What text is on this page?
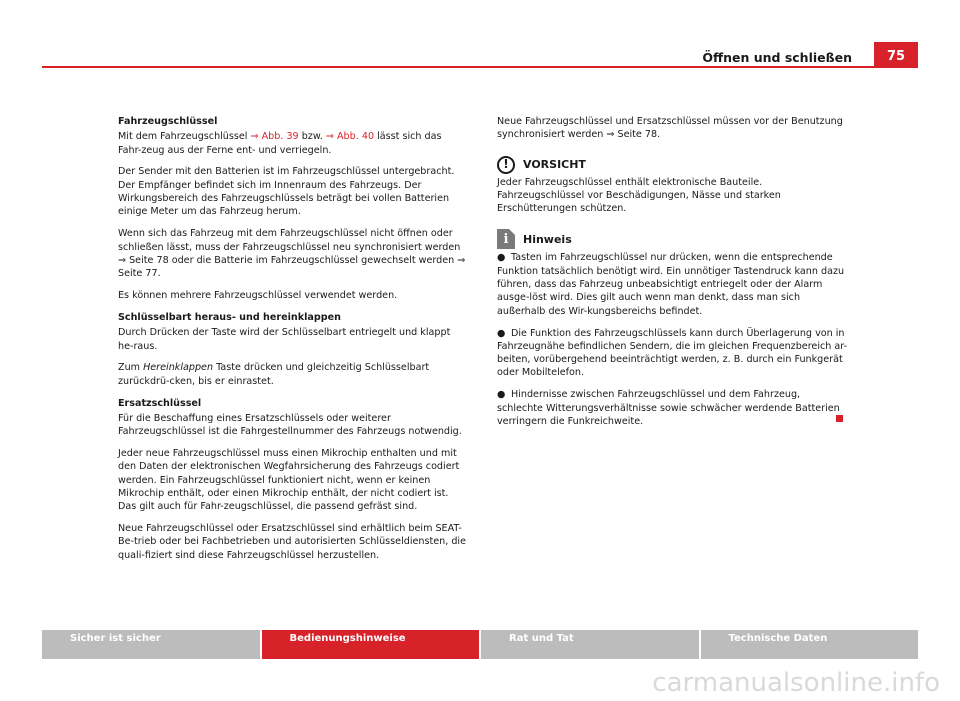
Öffnen und schließen	75

Fahrzeugschlüssel

Mit dem Fahrzeugschlüssel ⇒ Abb. 39 bzw. ⇒ Abb. 40 lässt sich das Fahr-zeug aus der Ferne ent- und verriegeln.

Der Sender mit den Batterien ist im Fahrzeugschlüssel untergebracht. Der Empfänger befindet sich im Innenraum des Fahrzeugs. Der Wirkungsbereich des Fahrzeugschlüssels beträgt bei vollen Batterien einige Meter um das Fahrzeug herum.

Wenn sich das Fahrzeug mit dem Fahrzeugschlüssel nicht öffnen oder schließen lässt, muss der Fahrzeugschlüssel neu synchronisiert werden ⇒ Seite 78 oder die Batterie im Fahrzeugschlüssel gewechselt werden ⇒ Seite 77.

Es können mehrere Fahrzeugschlüssel verwendet werden.

Schlüsselbart heraus- und hereinklappen

Durch Drücken der Taste wird der Schlüsselbart entriegelt und klappt he-raus.

Zum Hereinklappen Taste drücken und gleichzeitig Schlüsselbart zurückdrü-cken, bis er einrastet.

Ersatzschlüssel

Für die Beschaffung eines Ersatzschlüssels oder weiterer Fahrzeugschlüssel ist die Fahrgestellnummer des Fahrzeugs notwendig.

Jeder neue Fahrzeugschlüssel muss einen Mikrochip enthalten und mit den Daten der elektronischen Wegfahrsicherung des Fahrzeugs codiert werden. Ein Fahrzeugschlüssel funktioniert nicht, wenn er keinen Mikrochip enthält, oder einen Mikrochip enthält, der nicht codiert ist. Das gilt auch für Fahr-zeugschlüssel, die passend gefräst sind.

Neue Fahrzeugschlüssel oder Ersatzschlüssel sind erhältlich beim SEAT-Be-trieb oder bei Fachbetrieben und autorisierten Schlüsseldiensten, die quali-fiziert sind diese Fahrzeugschlüssel herzustellen.

Neue Fahrzeugschlüssel und Ersatzschlüssel müssen vor der Benutzung synchronisiert werden ⇒ Seite 78.

!	VORSICHT

Jeder Fahrzeugschlüssel enthält elektronische Bauteile. Fahrzeugschlüssel vor Beschädigungen, Nässe und starken Erschütterungen schützen.

i Hinweis

● Tasten im Fahrzeugschlüssel nur drücken, wenn die entsprechende Funktion tatsächlich benötigt wird. Ein unnötiger Tastendruck kann dazu führen, dass das Fahrzeug unbeabsichtigt entriegelt oder der Alarm ausge-löst wird. Dies gilt auch wenn man denkt, dass man sich außerhalb des Wir-kungsbereichs befindet.

● Die Funktion des Fahrzeugschlüssels kann durch Überlagerung von in Fahrzeugnähe befindlichen Sendern, die im gleichen Frequenzbereich ar-beiten, vorübergehend beeinträchtigt werden, z. B. durch ein Funkgerät oder Mobiltelefon.

● Hindernisse zwischen Fahrzeugschlüssel und dem Fahrzeug, schlechte Witterungsverhältnisse sowie schwächer werdende Batterien verringern die Funkreichweite.

Sicher ist sicher	Bedienungshinweise	Rat und Tat	Technische Daten
carmanualsonline.info
